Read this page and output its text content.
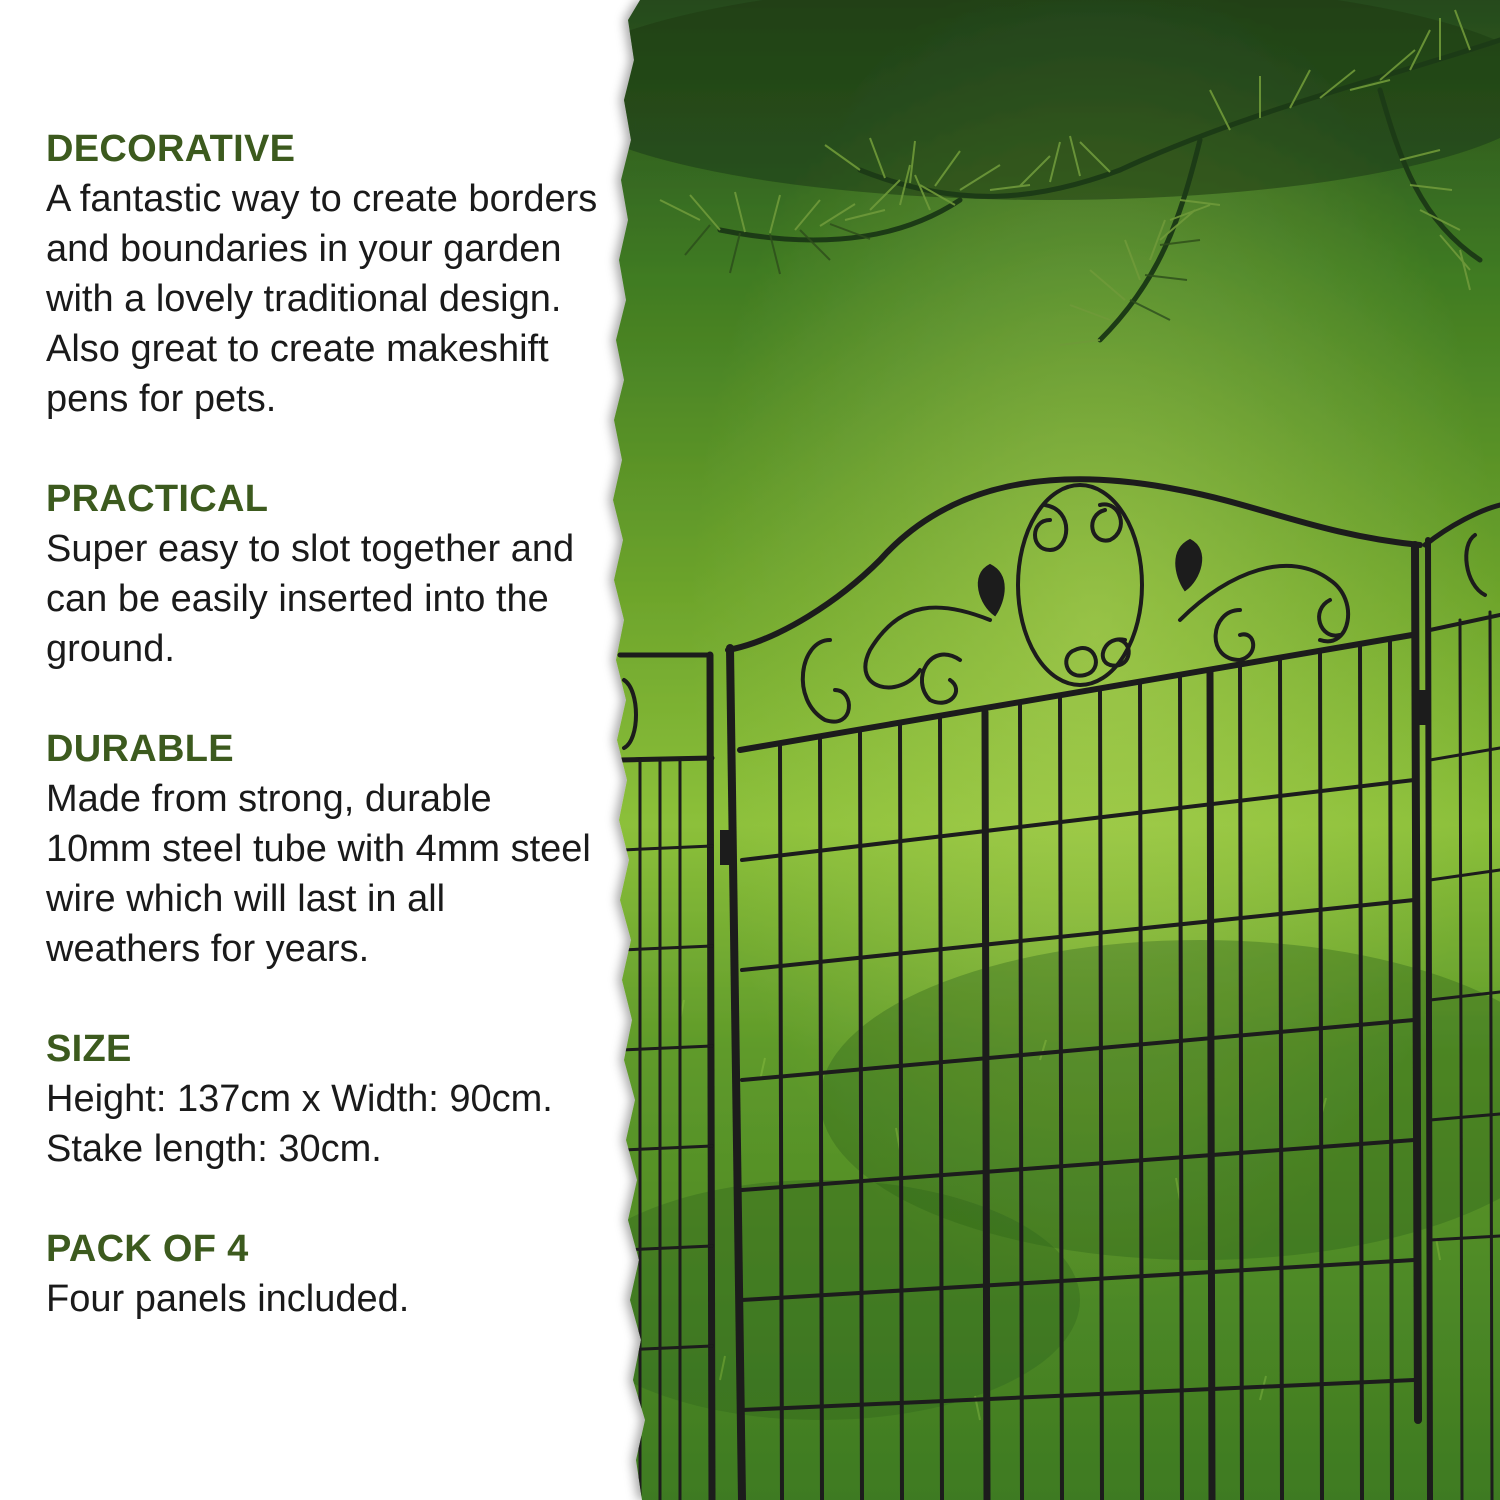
DECORATIVE
A fantastic way to create borders and boundaries in your garden with a lovely traditional design. Also great to create makeshift pens for pets.
PRACTICAL
Super easy to slot together and can be easily inserted into the ground.
DURABLE
Made from strong, durable 10mm steel tube with 4mm steel wire which will last in all weathers for years.
SIZE
Height: 137cm x Width: 90cm. Stake length: 30cm.
PACK OF 4
Four panels included.
